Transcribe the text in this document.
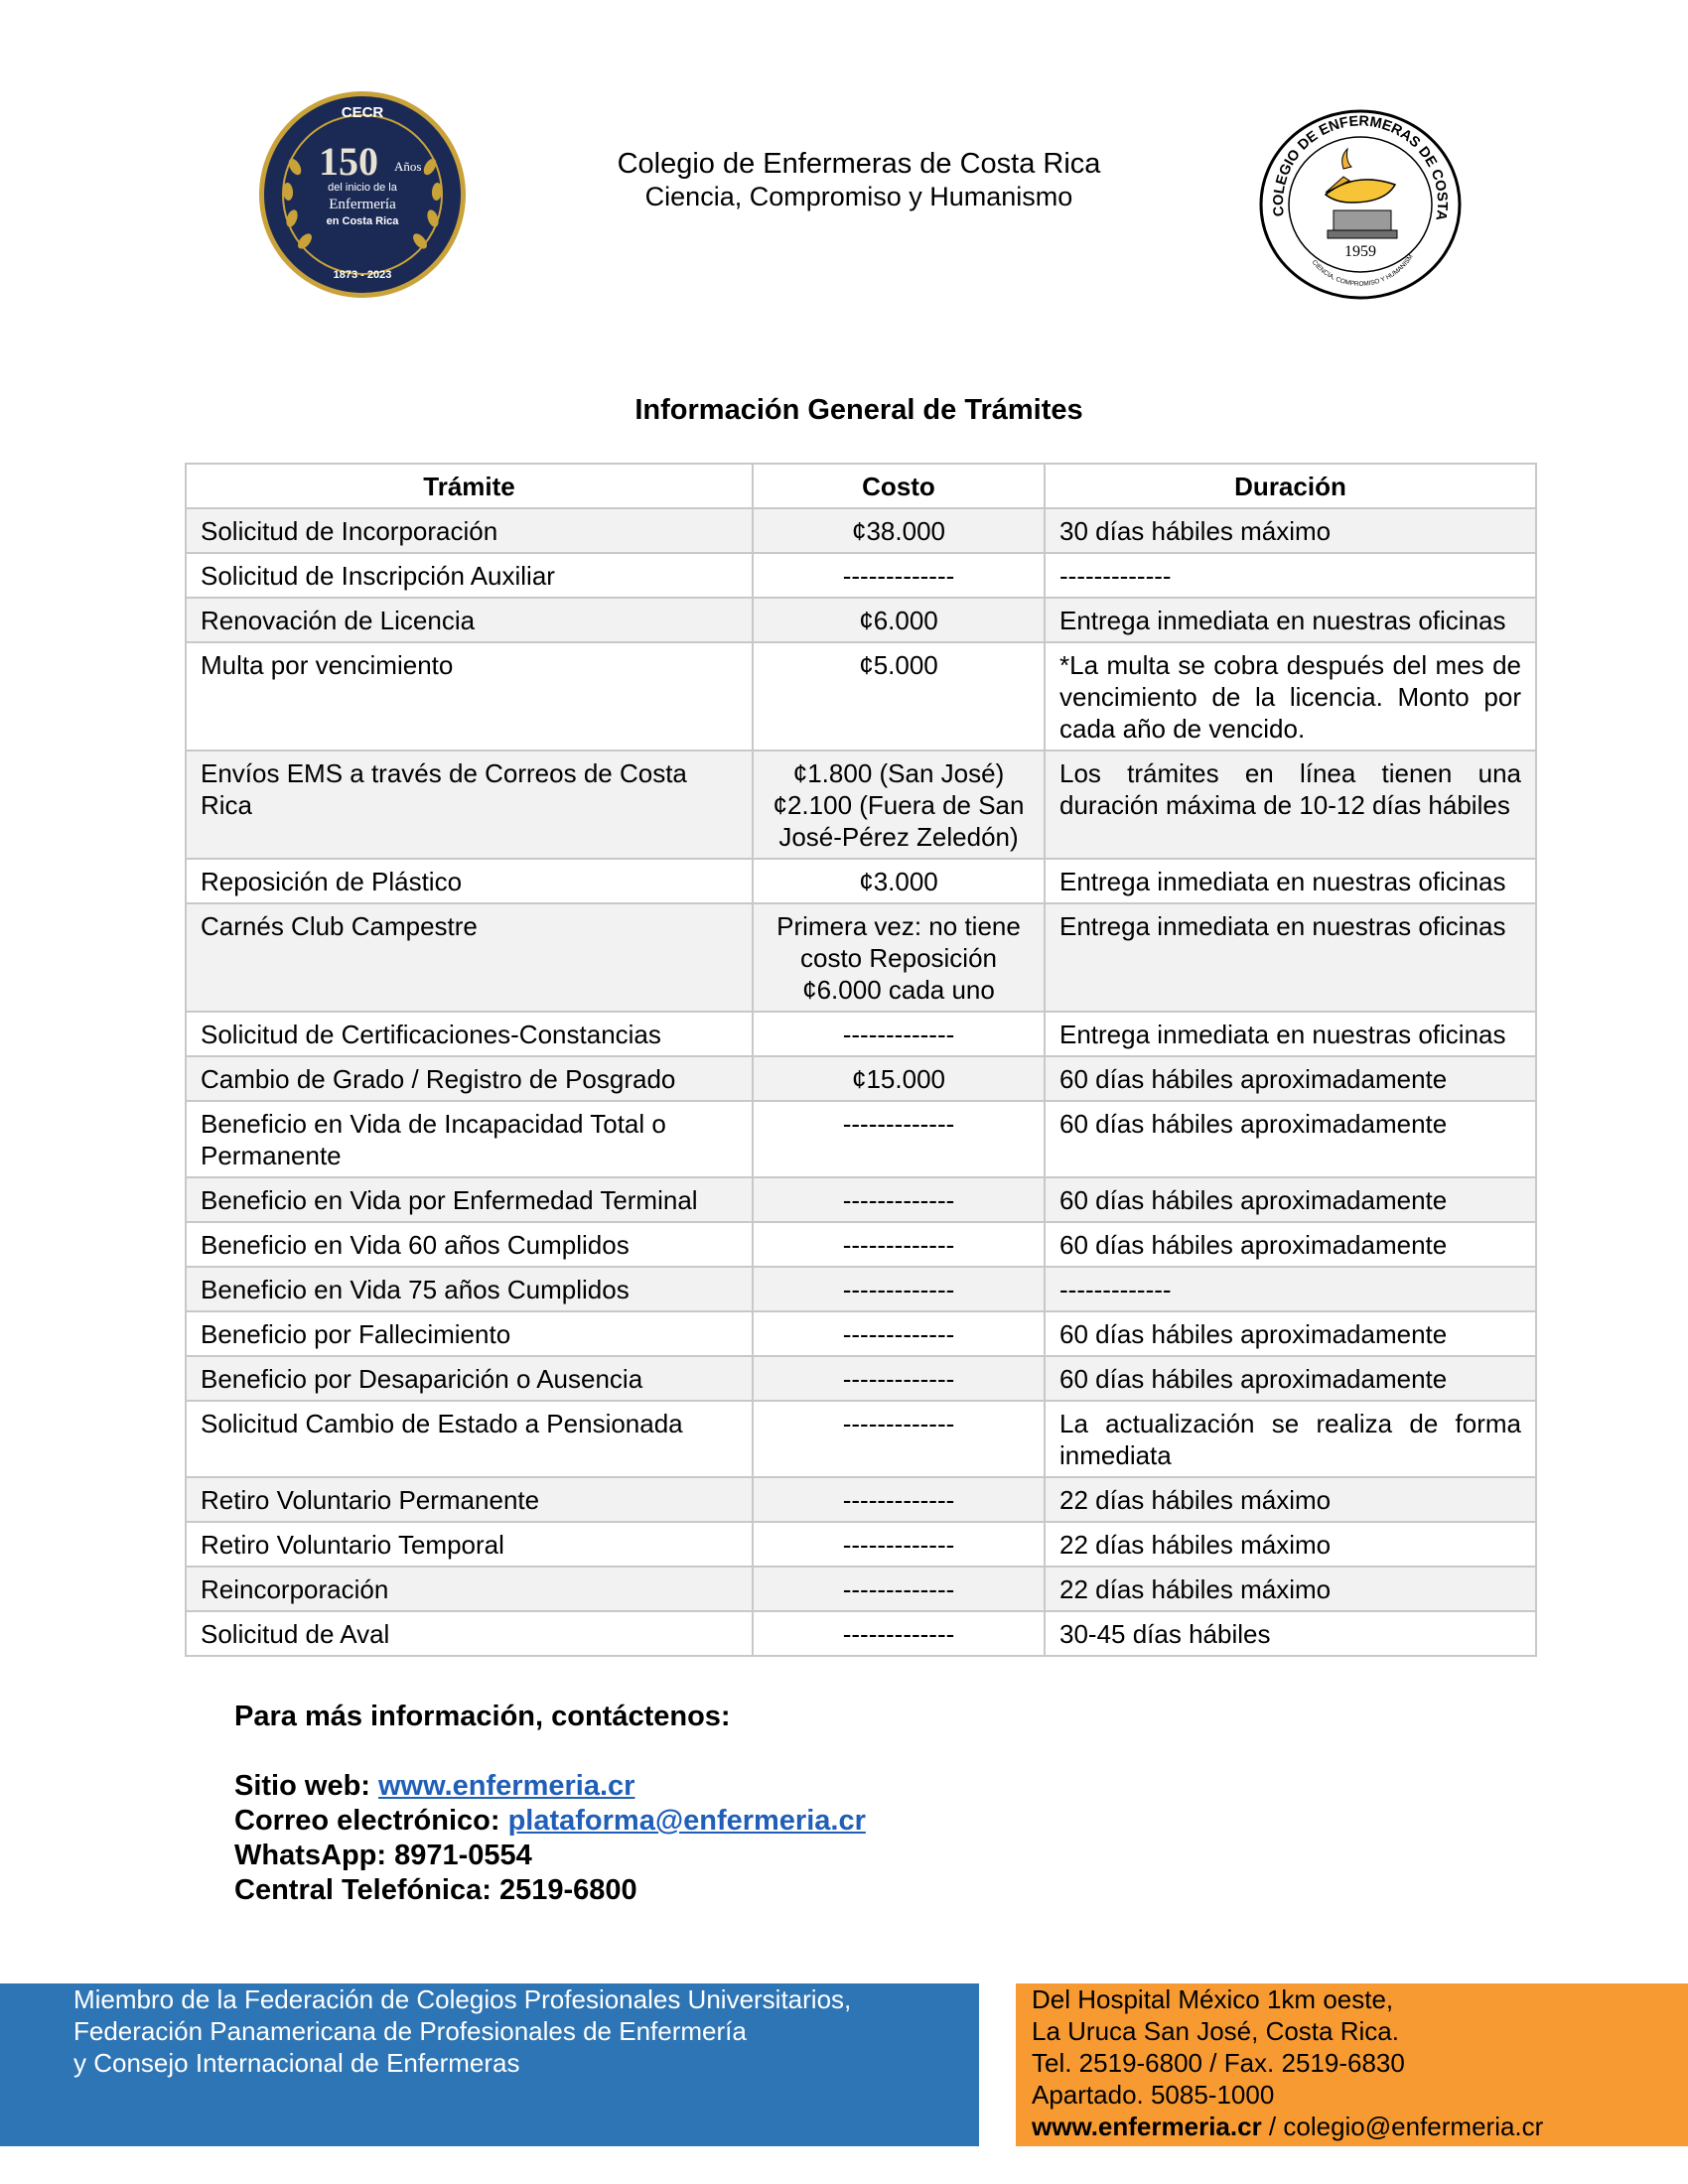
CECR
150 Años
del inicio de la
Enfermería
en Costa Rica
1873 - 2023
Colegio de Enfermeras de Costa Rica
Ciencia, Compromiso y Humanismo	COLEGIO DE ENFERMERAS DE COSTA
1959
CIENCIA, COMPROMISO Y HUMANISM
Información General de Trámites
Trámite	Costo	Duración
Solicitud de Incorporación	¢38.000	30 días hábiles máximo
Solicitud de Inscripción Auxiliar	-------------	-------------
Renovación de Licencia	¢6.000	Entrega inmediata en nuestras oficinas
Multa por vencimiento	¢5.000	*La multa se cobra después del mes de vencimiento de la licencia. Monto por cada año de vencido.
Envíos EMS a través de Correos de Costa Rica	¢1.800 (San José) ¢2.100 (Fuera de San José-Pérez Zeledón)	Los trámites en línea tienen una duración máxima de 10-12 días hábiles
Reposición de Plástico	¢3.000	Entrega inmediata en nuestras oficinas
Carnés Club Campestre	Primera vez: no tiene costo Reposición ¢6.000 cada uno	Entrega inmediata en nuestras oficinas
Solicitud de Certificaciones-Constancias	-------------	Entrega inmediata en nuestras oficinas
Cambio de Grado / Registro de Posgrado	¢15.000	60 días hábiles aproximadamente
Beneficio en Vida de Incapacidad Total o Permanente	-------------	60 días hábiles aproximadamente
Beneficio en Vida por Enfermedad Terminal	-------------	60 días hábiles aproximadamente
Beneficio en Vida 60 años Cumplidos	-------------	60 días hábiles aproximadamente
Beneficio en Vida 75 años Cumplidos	-------------	-------------
Beneficio por Fallecimiento	-------------	60 días hábiles aproximadamente
Beneficio por Desaparición o Ausencia	-------------	60 días hábiles aproximadamente
Solicitud Cambio de Estado a Pensionada	-------------	La actualización se realiza de forma inmediata
Retiro Voluntario Permanente	-------------	22 días hábiles máximo
Retiro Voluntario Temporal	-------------	22 días hábiles máximo
Reincorporación	-------------	22 días hábiles máximo
Solicitud de Aval	-------------	30-45 días hábiles
Para más información, contáctenos:
Sitio web: www.enfermeria.cr
Correo electrónico: plataforma@enfermeria.cr
WhatsApp: 8971-0554
Central Telefónica: 2519-6800
Miembro de la Federación de Colegios Profesionales Universitarios,
Federación Panamericana de Profesionales de Enfermería
y Consejo Internacional de Enfermeras
Del Hospital México 1km oeste,
La Uruca San José, Costa Rica.
Tel. 2519-6800 / Fax. 2519-6830
Apartado. 5085-1000
www.enfermeria.cr / colegio@enfermeria.cr
